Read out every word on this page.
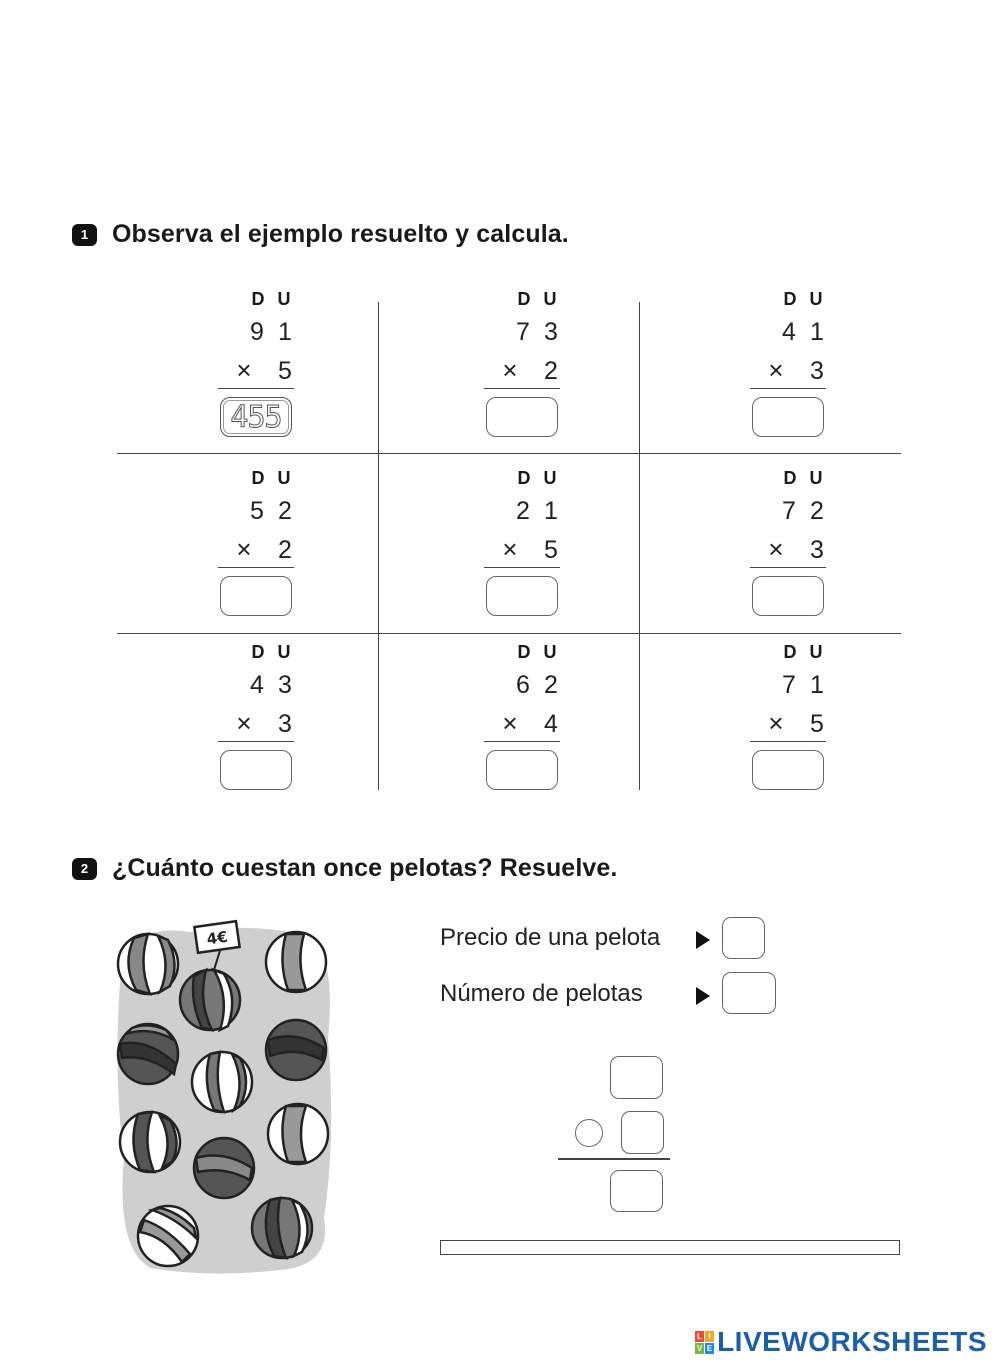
1 Observa el ejemplo resuelto y calcula.
D U
9 1
× 5
455
D U
7 3
× 2
D U
4 1
× 3
D U
5 2
× 2
D U
2 1
× 5
D U
7 2
× 3
D U
4 3
× 3
D U
6 2
× 4
D U
7 1
× 5
2 ¿Cuánto cuestan once pelotas? Resuelve.
4€	Precio de una pelota
Número de pelotas
L I
V E LIVEWORKSHEETS
